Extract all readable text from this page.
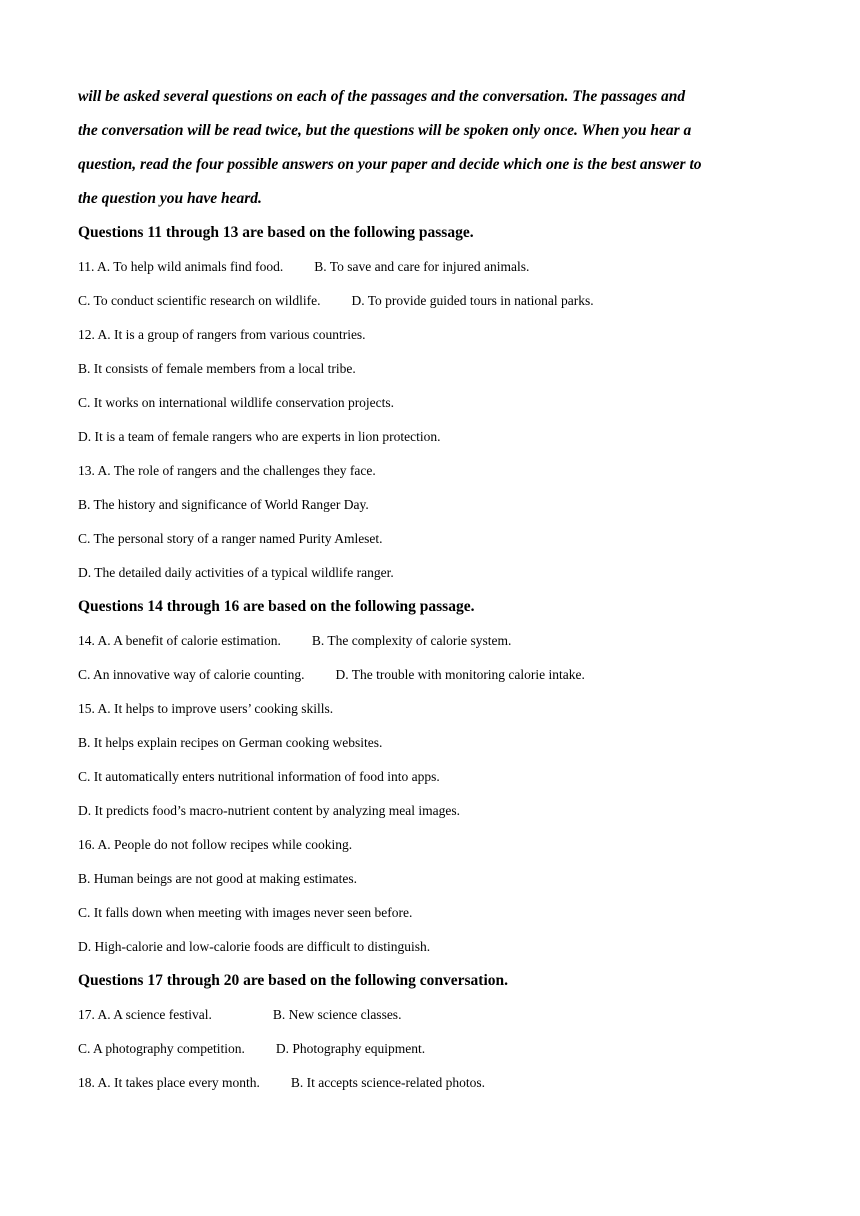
will be asked several questions on each of the passages and the conversation. The passages and
the conversation will be read twice, but the questions will be spoken only once. When you hear a
question, read the four possible answers on your paper and decide which one is the best answer to
the question you have heard.
Questions 11 through 13 are based on the following passage.
11. A. To help wild animals find food. B. To save and care for injured animals.
C. To conduct scientific research on wildlife. D. To provide guided tours in national parks.
12. A. It is a group of rangers from various countries.
B. It consists of female members from a local tribe.
C. It works on international wildlife conservation projects.
D. It is a team of female rangers who are experts in lion protection.
13. A. The role of rangers and the challenges they face.
B. The history and significance of World Ranger Day.
C. The personal story of a ranger named Purity Amleset.
D. The detailed daily activities of a typical wildlife ranger.
Questions 14 through 16 are based on the following passage.
14. A. A benefit of calorie estimation. B. The complexity of calorie system.
C. An innovative way of calorie counting. D. The trouble with monitoring calorie intake.
15. A. It helps to improve users’ cooking skills.
B. It helps explain recipes on German cooking websites.
C. It automatically enters nutritional information of food into apps.
D. It predicts food’s macro-nutrient content by analyzing meal images.
16. A. People do not follow recipes while cooking.
B. Human beings are not good at making estimates.
C. It falls down when meeting with images never seen before.
D. High-calorie and low-calorie foods are difficult to distinguish.
Questions 17 through 20 are based on the following conversation.
17. A. A science festival.	B. New science classes.
C. A photography competition. D. Photography equipment.
18. A. It takes place every month. B. It accepts science-related photos.
